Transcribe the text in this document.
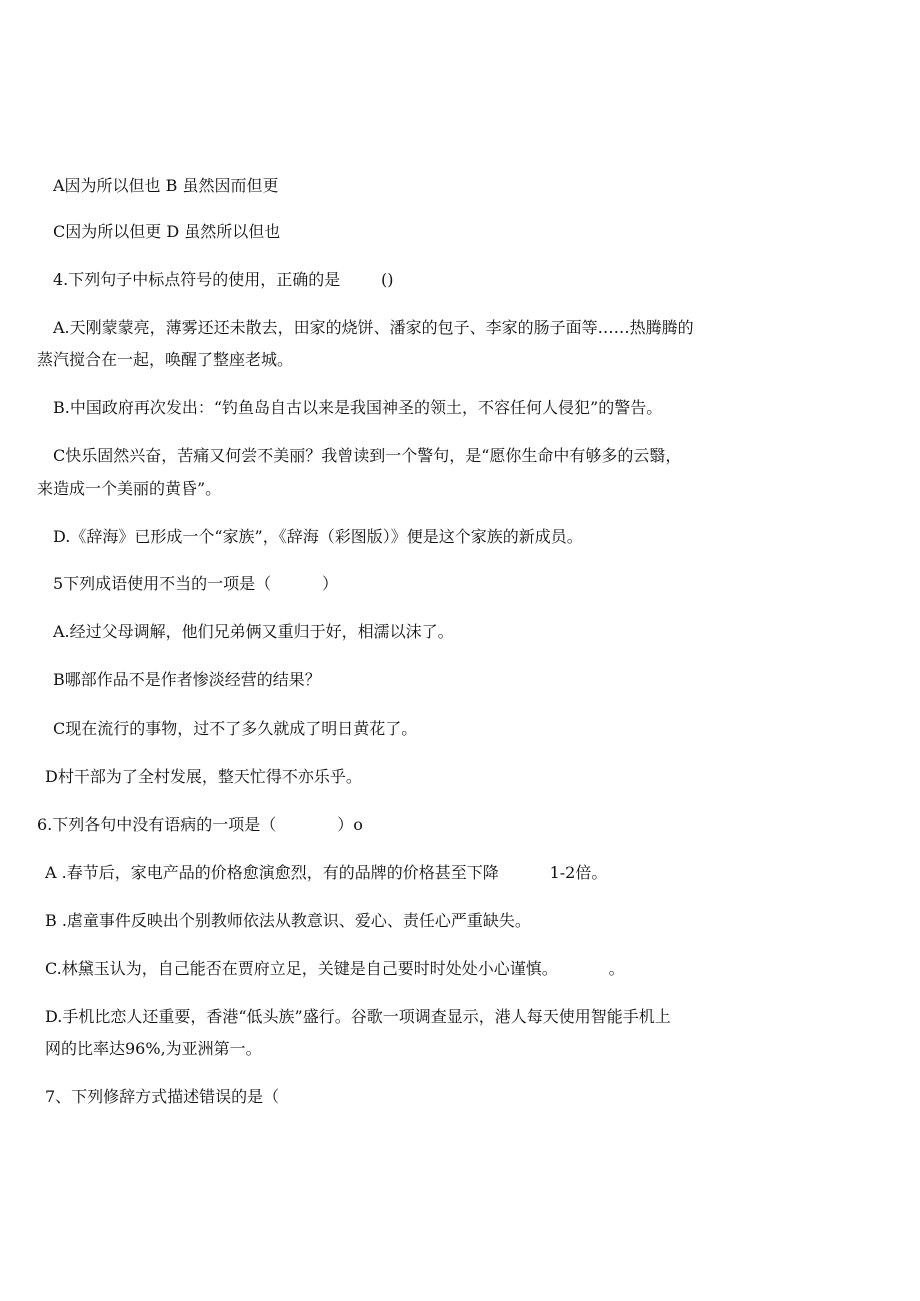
A因为所以但也 B 虽然因而但更
C因为所以但更 D 虽然所以但也
4.下列句子中标点符号的使用，正确的是        ()
A.天刚蒙蒙亮，薄雾还还未散去，田家的烧饼、潘家的包子、李家的肠子面等……热腾腾的
蒸汽搅合在一起，唤醒了整座老城。
B.中国政府再次发出：“钓鱼岛自古以来是我国神圣的领土，不容任何人侵犯”的警告。
C快乐固然兴奋，苦痛又何尝不美丽？我曾读到一个警句，是“愿你生命中有够多的云翳，
来造成一个美丽的黄昏”。
D.《辞海》已形成一个“家族”，《辞海（彩图版）》便是这个家族的新成员。
5下列成语使用不当的一项是（          ）
A.经过父母调解，他们兄弟俩又重归于好，相濡以沫了。
B哪部作品不是作者惨淡经营的结果？
C现在流行的事物，过不了多久就成了明日黄花了。
D村干部为了全村发展，整天忙得不亦乐乎。
6.下列各句中没有语病的一项是（            ）o
A .春节后，家电产品的价格愈演愈烈，有的品牌的价格甚至下降          1-2倍。
B .虐童事件反映出个别教师依法从教意识、爱心、责任心严重缺失。
C.林黛玉认为，自己能否在贾府立足，关键是自己要时时处处小心谨慎。          。
D.手机比恋人还重要，香港“低头族”盛行。谷歌一项调查显示，港人每天使用智能手机上
网的比率达96%,为亚洲第一。
7、下列修辞方式描述错误的是（
